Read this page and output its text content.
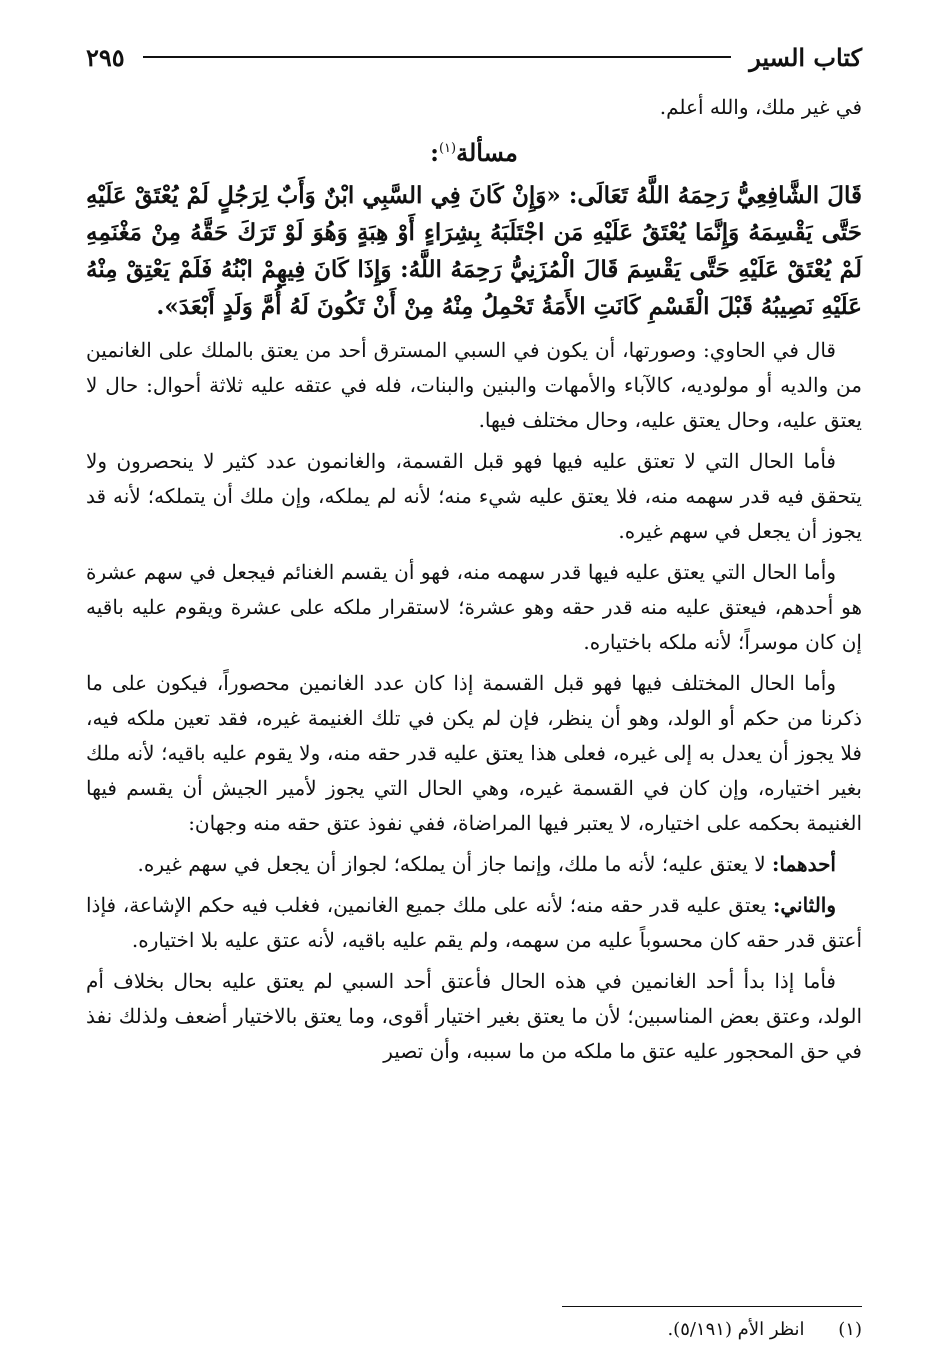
كتاب السير
٢٩٥

في غير ملك، والله أعلم.

مسألة$^{(١)}$:

قَالَ الشَّافِعِيُّ رَحِمَهُ اللَّهُ تَعَالَى: «وَإِنْ كَانَ فِي السَّبِي ابْنٌ وَأَبٌ لِرَجُلٍ لَمْ يُعْتَقْ عَلَيْهِ حَتَّى يَقْسِمَهُ وَإِنَّمَا يُعْتَقُ عَلَيْهِ مَن اجْتَلَبَهُ بِشِرَاءٍ أَوْ هِبَةٍ وَهُوَ لَوْ تَرَكَ حَقَّهُ مِنْ مَغْنَمِهِ لَمْ يُعْتَقْ عَلَيْهِ حَتَّى يَقْسِمَ قَالَ الْمُزَنِيُّ رَحِمَهُ اللَّهُ: وَإِذَا كَانَ فِيهِمْ ابْنُهُ فَلَمْ يَعْتِقْ مِنْهُ عَلَيْهِ نَصِيبُهُ قَبْلَ الْقَسْمِ كَانَتِ الأَمَةُ تَحْمِلُ مِنْهُ مِنْ أَنْ تَكُونَ لَهُ أُمَّ وَلَدٍ أَبْعَدَ».

قال في الحاوي: وصورتها، أن يكون في السبي المسترق أحد من يعتق بالملك على الغانمين من والديه أو مولوديه، كالآباء والأمهات والبنين والبنات، فله في عتقه عليه ثلاثة أحوال: حال لا يعتق عليه، وحال يعتق عليه، وحال مختلف فيها.

فأما الحال التي لا تعتق عليه فيها فهو قبل القسمة، والغانمون عدد كثير لا ينحصرون ولا يتحقق فيه قدر سهمه منه، فلا يعتق عليه شيء منه؛ لأنه لم يملكه، وإن ملك أن يتملكه؛ لأنه قد يجوز أن يجعل في سهم غيره.

وأما الحال التي يعتق عليه فيها قدر سهمه منه، فهو أن يقسم الغنائم فيجعل في سهم عشرة هو أحدهم، فيعتق عليه منه قدر حقه وهو عشرة؛ لاستقرار ملكه على عشرة ويقوم عليه باقيه إن كان موسراً؛ لأنه ملكه باختياره.

وأما الحال المختلف فيها فهو قبل القسمة إذا كان عدد الغانمين محصوراً، فيكون على ما ذكرنا من حكم أو الولد، وهو أن ينظر، فإن لم يكن في تلك الغنيمة غيره، فقد تعين ملكه فيه، فلا يجوز أن يعدل به إلى غيره، فعلى هذا يعتق عليه قدر حقه منه، ولا يقوم عليه باقيه؛ لأنه ملك بغير اختياره، وإن كان في القسمة غيره، وهي الحال التي يجوز لأمير الجيش أن يقسم فيها الغنيمة بحكمه على اختياره، لا يعتبر فيها المراضاة، ففي نفوذ عتق حقه منه وجهان:

أحدهما: لا يعتق عليه؛ لأنه ما ملك، وإنما جاز أن يملكه؛ لجواز أن يجعل في سهم غيره.

والثاني: يعتق عليه قدر حقه منه؛ لأنه على ملك جميع الغانمين، فغلب فيه حكم الإشاعة، فإذا أعتق قدر حقه كان محسوباً عليه من سهمه، ولم يقم عليه باقيه، لأنه عتق عليه بلا اختياره.

فأما إذا بدأ أحد الغانمين في هذه الحال فأعتق أحد السبي لم يعتق عليه بحال بخلاف أم الولد، وعتق بعض المناسبين؛ لأن ما يعتق بغير اختيار أقوى، وما يعتق بالاختيار أضعف ولذلك نفذ في حق المحجور عليه عتق ما ملكه من ما سببه، وأن تصير

(١) انظر الأم (٥/١٩١).
